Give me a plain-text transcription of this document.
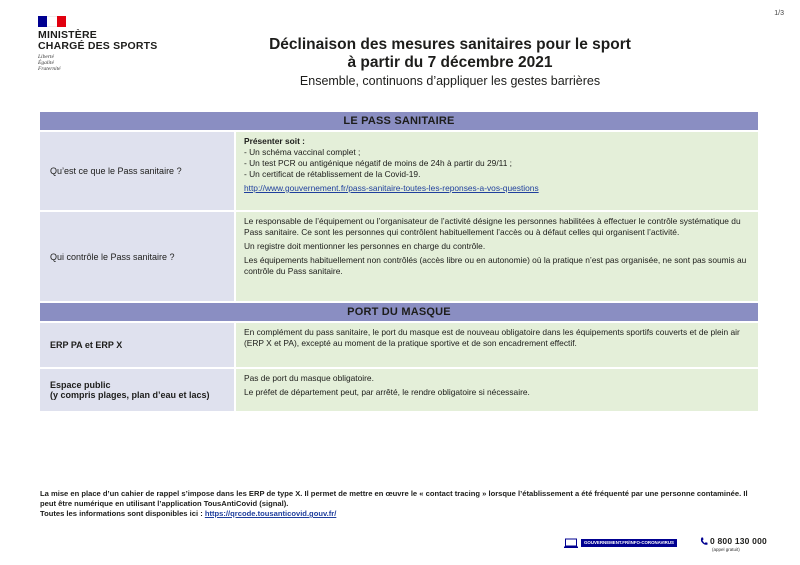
1/3
MINISTÈRE
CHARGÉ DES SPORTS
Liberté
Égalité
Fraternité
Déclinaison des mesures sanitaires pour le sport
à partir du 7 décembre 2021
Ensemble, continuons d’appliquer les gestes barrières
LE PASS SANITAIRE
Qu’est ce que le Pass sanitaire ?

Présenter soit :

- Un schéma vaccinal complet ;

- Un test PCR ou antigénique négatif de moins de 24h à partir du 29/11 ;

- Un certificat de rétablissement de la Covid-19.

http://www.gouvernement.fr/pass-sanitaire-toutes-les-reponses-a-vos-questions

Qui contrôle le Pass sanitaire ?

Le responsable de l’équipement ou l’organisateur de l’activité désigne les personnes habilitées à effectuer le contrôle systématique du Pass sanitaire. Ce sont les personnes qui contrôlent habituellement l’accès ou à défaut celles qui organisent l’activité.

Un registre doit mentionner les personnes en charge du contrôle.

Les équipements habituellement non contrôlés (accès libre ou en autonomie) où la pratique n’est pas organisée, ne sont pas soumis au contrôle du Pass sanitaire.

PORT DU MASQUE
ERP PA et ERP X
En complément du pass sanitaire, le port du masque est de nouveau obligatoire dans les équipements sportifs couverts et de plein air (ERP X et PA), excepté au moment de la pratique sportive et de son encadrement effectif.
Espace public
(y compris plages, plan d’eau et lacs)

Pas de port du masque obligatoire.

Le préfet de département peut, par arrêté, le rendre obligatoire si nécessaire.

La mise en place d’un cahier de rappel s’impose dans les ERP de type X. Il permet de mettre en œuvre le « contact tracing » lorsque l’établissement a été fréquenté par une personne contaminée. Il peut être numérique en utilisant l’application TousAntiCovid (signal).

Toutes les informations sont disponibles ici : https://qrcode.tousanticovid.gouv.fr/

GOUVERNEMENT.FR/INFO-CORONAVIRUS	0 800 130 000
(appel gratuit)
